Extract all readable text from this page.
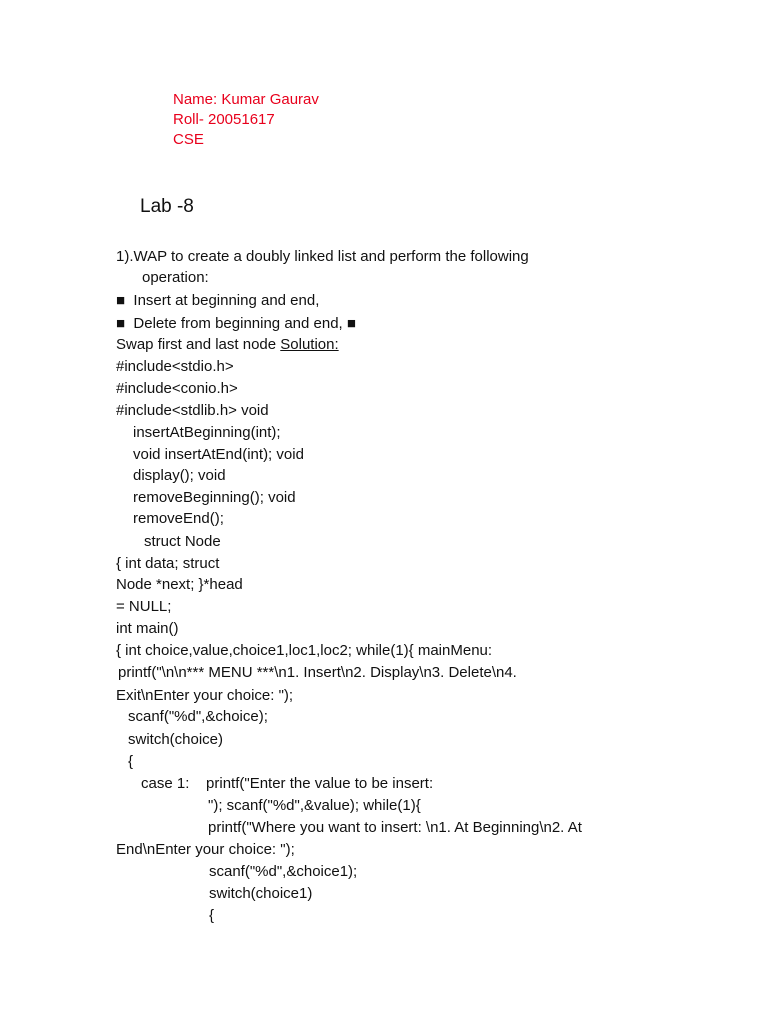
Name: Kumar Gaurav
Roll- 20051617
CSE
Lab -8
1).WAP to create a doubly linked list and perform the following
operation:
■  Insert at beginning and end,
■  Delete from beginning and end, ■
Swap first and last node Solution:
#include<stdio.h>
#include<conio.h>
#include<stdlib.h> void
insertAtBeginning(int);
void insertAtEnd(int); void
display(); void
removeBeginning(); void
removeEnd();
struct Node
{ int data; struct
Node *next; }*head
= NULL;
int main()
{ int choice,value,choice1,loc1,loc2; while(1){ mainMenu:
printf("\n\n*** MENU ***\n1. Insert\n2. Display\n3. Delete\n4.
Exit\nEnter your choice: ");
scanf("%d",&choice);
switch(choice)
{
case 1:    printf("Enter the value to be insert:
"); scanf("%d",&value); while(1){
printf("Where you want to insert: \n1. At Beginning\n2. At
End\nEnter your choice: ");
scanf("%d",&choice1);
switch(choice1)
{
